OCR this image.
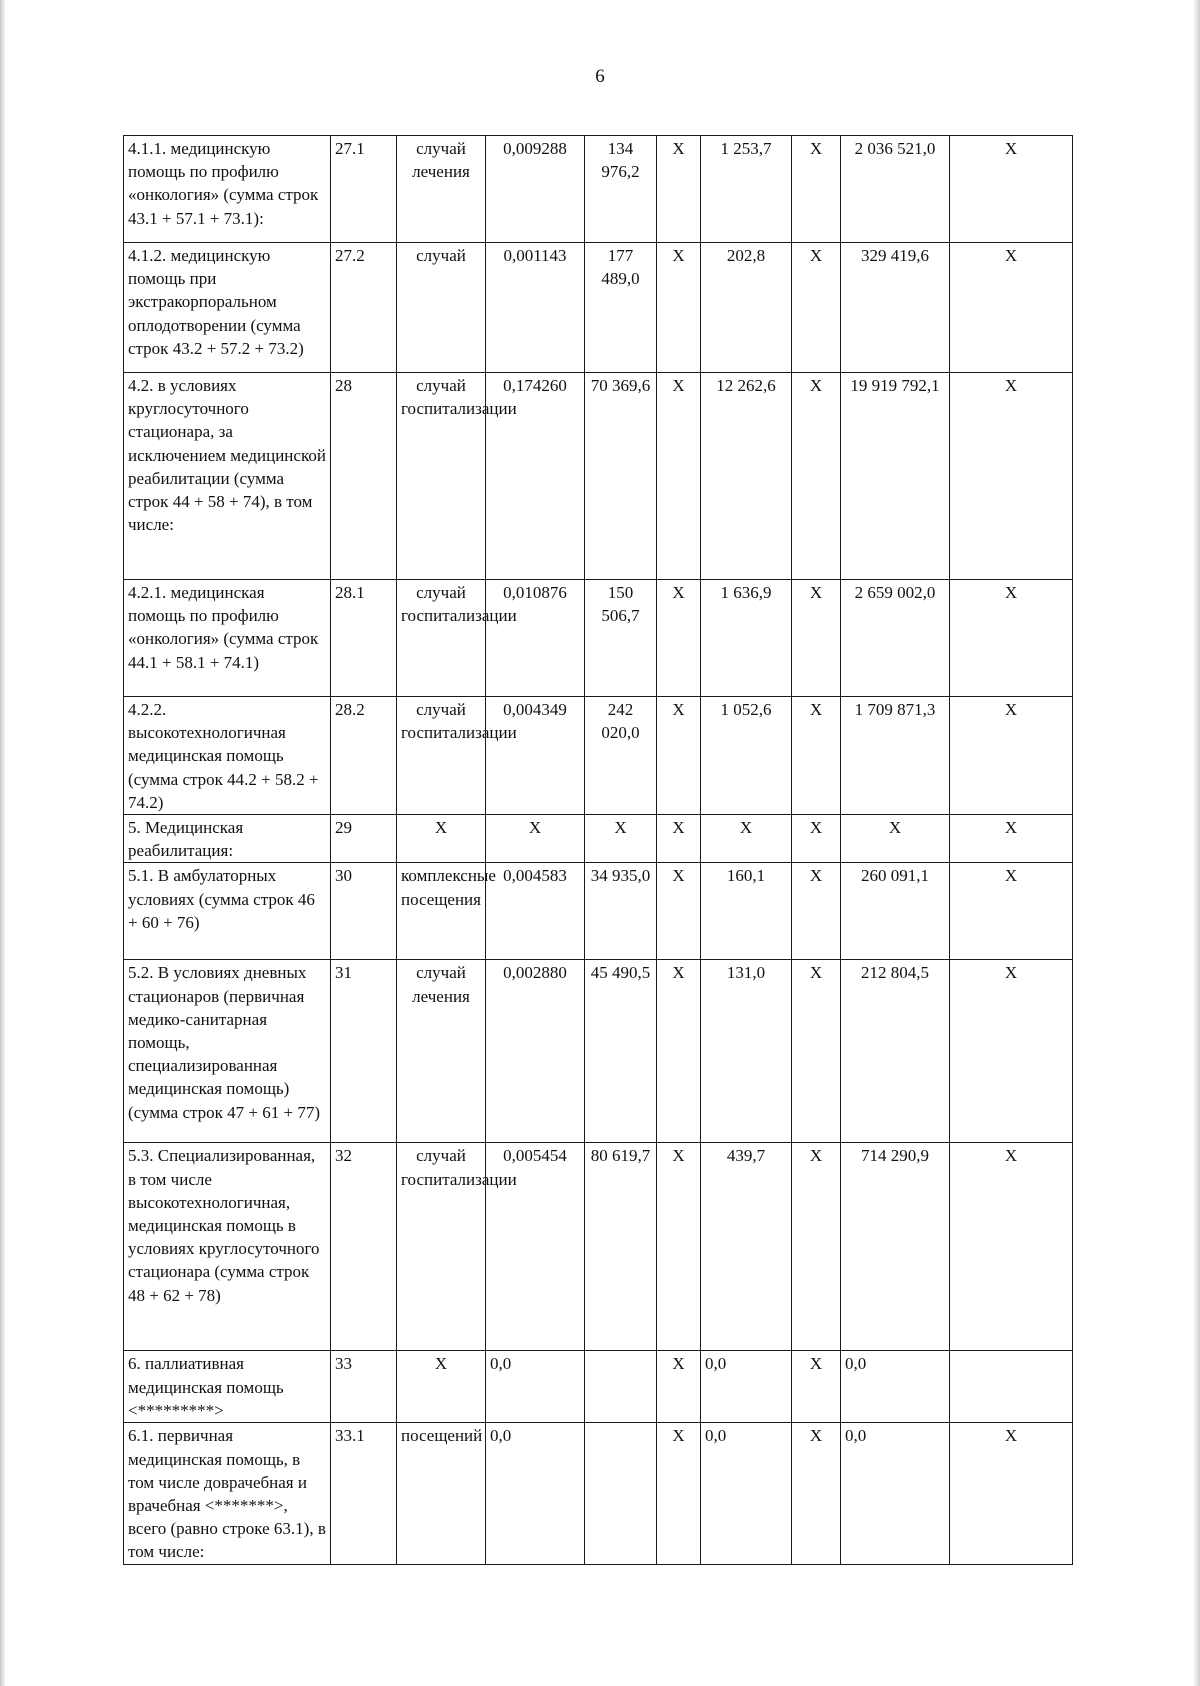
6
4.1.1. медицинскую помощь по профилю «онкология» (сумма строк 43.1 + 57.1 + 73.1):	27.1	случай лечения	0,009288	134 976,2	X	1 253,7	X	2 036 521,0	X
4.1.2. медицинскую помощь при экстракорпоральном оплодотворении (сумма строк 43.2 + 57.2 + 73.2)	27.2	случай	0,001143	177 489,0	X	202,8	X	329 419,6	X
4.2. в условиях круглосуточного стационара, за исключением медицинской реабилитации (сумма строк 44 + 58 + 74), в том числе:	28	случай госпитализации	0,174260	70 369,6	X	12 262,6	X	19 919 792,1	X
4.2.1. медицинская помощь по профилю «онкология» (сумма строк 44.1 + 58.1 + 74.1)	28.1	случай госпитализации	0,010876	150 506,7	X	1 636,9	X	2 659 002,0	X
4.2.2. высокотехнологичная медицинская помощь (сумма строк 44.2 + 58.2 + 74.2)	28.2	случай госпитализации	0,004349	242 020,0	X	1 052,6	X	1 709 871,3	X
5. Медицинская реабилитация:	29	X	X	X	X	X	X	X	X
5.1. В амбулаторных условиях (сумма строк 46 + 60 + 76)	30	комплексные посещения	0,004583	34 935,0	X	160,1	X	260 091,1	X
5.2. В условиях дневных стационаров (первичная медико-санитарная помощь, специализированная медицинская помощь) (сумма строк 47 + 61 + 77)	31	случай лечения	0,002880	45 490,5	X	131,0	X	212 804,5	X
5.3. Специализированная, в том числе высокотехнологичная, медицинская помощь в условиях круглосуточного стационара (сумма строк 48 + 62 + 78)	32	случай госпитализации	0,005454	80 619,7	X	439,7	X	714 290,9	X
6. паллиативная медицинская помощь <*********>	33	X	0,0		X	0,0	X	0,0	
6.1. первичная медицинская помощь, в том числе доврачебная и врачебная <*******>, всего (равно строке 63.1), в том числе:	33.1	посещений	0,0		X	0,0	X	0,0	X
